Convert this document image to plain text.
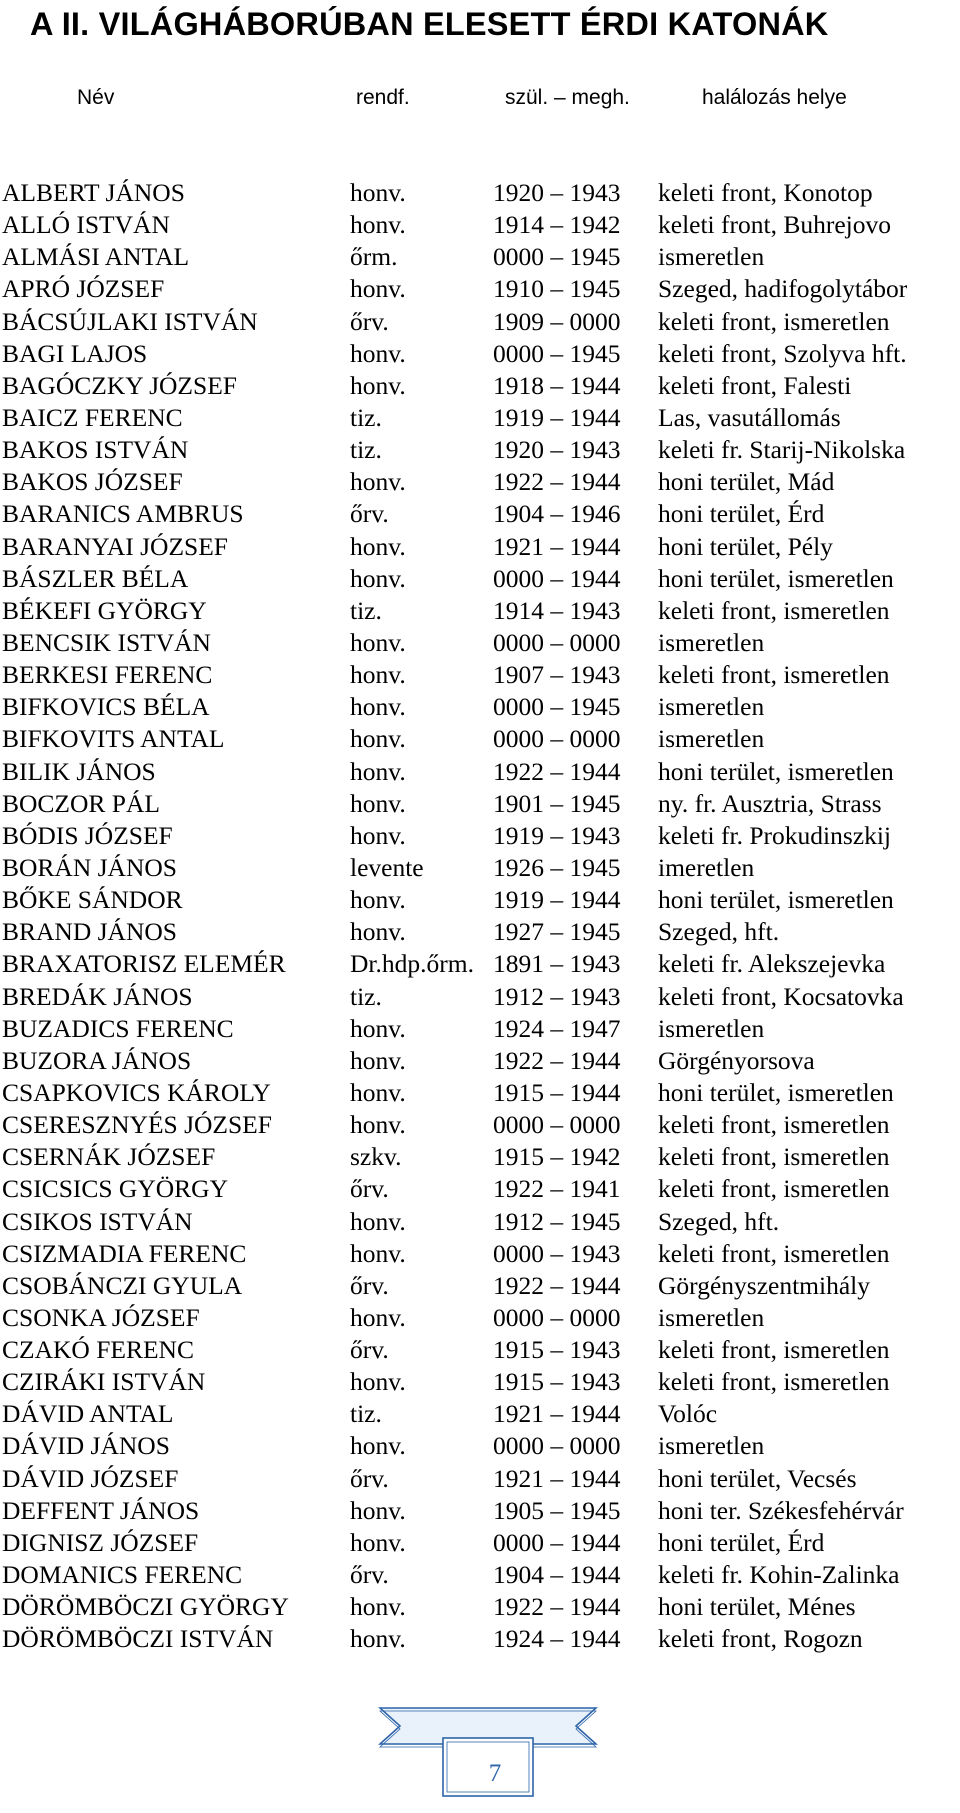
A II. VILÁGHÁBORÚBAN ELESETT ÉRDI KATONÁK
Név	rendf.	szül. – megh.	halálozás helye
ALBERT JÁNOS	honv.	1920 – 1943 keleti front, Konotop
ALLÓ ISTVÁN	honv.	1914 – 1942 keleti front, Buhrejovo
ALMÁSI ANTAL	őrm.	0000 – 1945 ismeretlen
APRÓ JÓZSEF	honv.	1910 – 1945 Szeged, hadifogolytábor
BÁCSÚJLAKI ISTVÁN	őrv.	1909 – 0000 keleti front, ismeretlen
BAGI LAJOS	honv.	0000 – 1945 keleti front, Szolyva hft.
BAGÓCZKY JÓZSEF	honv.	1918 – 1944 keleti front, Falesti
BAICZ FERENC	tiz.	1919 – 1944 Las, vasutállomás
BAKOS ISTVÁN	tiz.	1920 – 1943 keleti fr. Starij-Nikolska
BAKOS JÓZSEF	honv.	1922 – 1944 honi terület, Mád
BARANICS AMBRUS	őrv.	1904 – 1946 honi terület, Érd
BARANYAI JÓZSEF	honv.	1921 – 1944 honi terület, Pély
BÁSZLER BÉLA	honv.	0000 – 1944 honi terület, ismeretlen
BÉKEFI GYÖRGY	tiz.	1914 – 1943 keleti front, ismeretlen
BENCSIK ISTVÁN	honv.	0000 – 0000 ismeretlen
BERKESI FERENC	honv.	1907 – 1943 keleti front, ismeretlen
BIFKOVICS BÉLA	honv.	0000 – 1945 ismeretlen
BIFKOVITS ANTAL	honv.	0000 – 0000 ismeretlen
BILIK JÁNOS	honv.	1922 – 1944 honi terület, ismeretlen
BOCZOR PÁL	honv.	1901 – 1945 ny. fr. Ausztria, Strass
BÓDIS JÓZSEF	honv.	1919 – 1943 keleti fr. Prokudinszkij
BORÁN JÁNOS	levente	1926 – 1945 imeretlen
BŐKE SÁNDOR	honv.	1919 – 1944 honi terület, ismeretlen
BRAND JÁNOS	honv.	1927 – 1945 Szeged, hft.
BRAXATORISZ ELEMÉR	Dr.hdp.őrm. 1891 – 1943 keleti fr. Alekszejevka
BREDÁK JÁNOS	tiz.	1912 – 1943 keleti front, Kocsatovka
BUZADICS FERENC	honv.	1924 – 1947 ismeretlen
BUZORA JÁNOS	honv.	1922 – 1944 Görgényorsova
CSAPKOVICS KÁROLY	honv.	1915 – 1944 honi terület, ismeretlen
CSERESZNYÉS JÓZSEF	honv.	0000 – 0000 keleti front, ismeretlen
CSERNÁK JÓZSEF	szkv.	1915 – 1942 keleti front, ismeretlen
CSICSICS GYÖRGY	őrv.	1922 – 1941 keleti front, ismeretlen
CSIKOS ISTVÁN	honv.	1912 – 1945 Szeged, hft.
CSIZMADIA FERENC	honv.	0000 – 1943 keleti front, ismeretlen
CSOBÁNCZI GYULA	őrv.	1922 – 1944 Görgényszentmihály
CSONKA JÓZSEF	honv.	0000 – 0000 ismeretlen
CZAKÓ FERENC	őrv.	1915 – 1943 keleti front, ismeretlen
CZIRÁKI ISTVÁN	honv.	1915 – 1943 keleti front, ismeretlen
DÁVID ANTAL	tiz.	1921 – 1944 Volóc
DÁVID JÁNOS	honv.	0000 – 0000 ismeretlen
DÁVID JÓZSEF	őrv.	1921 – 1944 honi terület, Vecsés
DEFFENT JÁNOS	honv.	1905 – 1945 honi ter. Székesfehérvár
DIGNISZ JÓZSEF	honv.	0000 – 1944 honi terület, Érd
DOMANICS FERENC	őrv.	1904 – 1944 keleti fr. Kohin-Zalinka
DÖRÖMBÖCZI GYÖRGY honv.	1922 – 1944 honi terület, Ménes
DÖRÖMBÖCZI ISTVÁN	honv.	1924 – 1944 keleti front, Rogozn
7
